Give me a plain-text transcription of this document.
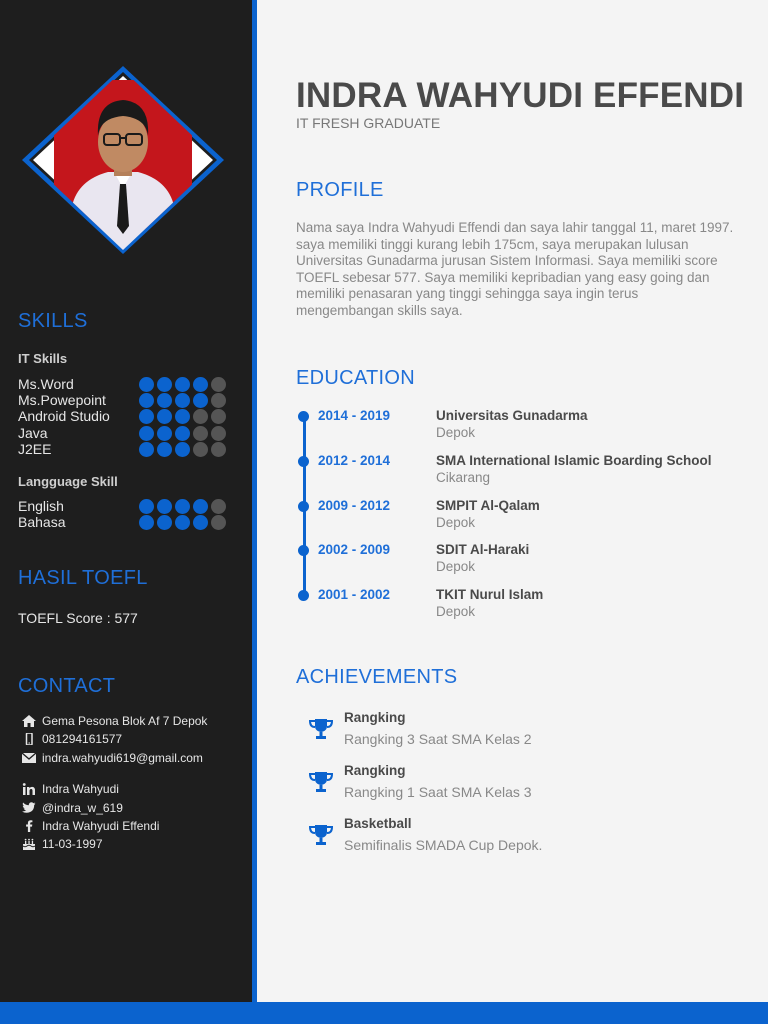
SKILLS
IT Skills
Ms.Word
Ms.Powepoint
Android Studio
Java
J2EE
Langguage Skill
English
Bahasa
HASIL TOEFL
TOEFL Score : 577
CONTACT
Gema Pesona Blok Af 7 Depok
081294161577
indra.wahyudi619@gmail.com
Indra Wahyudi
@indra_w_619
Indra Wahyudi Effendi
11-03-1997
INDRA WAHYUDI EFFENDI
IT FRESH GRADUATE
PROFILE
Nama saya Indra Wahyudi Effendi dan saya lahir tanggal 11, maret 1997. saya memiliki tinggi kurang lebih 175cm, saya merupakan lulusan Universitas Gunadarma jurusan Sistem Informasi. Saya memiliki score TOEFL sebesar 577. Saya memiliki kepribadian yang easy going dan memiliki penasaran yang tinggi sehingga saya ingin terus mengembangan skills saya.
EDUCATION
2014 - 2019	Universitas Gunadarma
Depok
2012 - 2014	SMA International Islamic Boarding School
Cikarang
2009 - 2012	SMPIT Al-Qalam
Depok
2002 - 2009	SDIT Al-Haraki
Depok
2001 - 2002	TKIT Nurul Islam
Depok
ACHIEVEMENTS
Rangking
Rangking 3 Saat SMA Kelas 2
Rangking
Rangking 1 Saat SMA Kelas 3
Basketball
Semifinalis SMADA Cup Depok.
